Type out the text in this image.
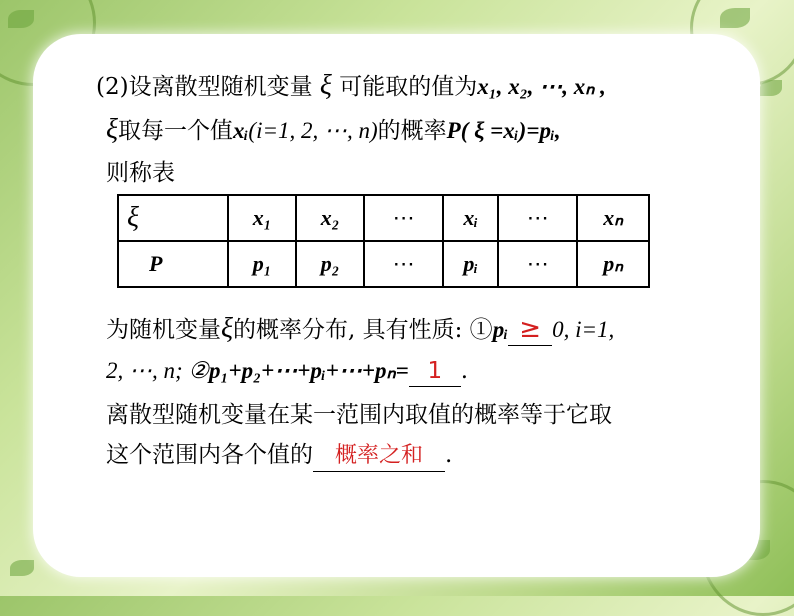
(2)设离散型随机变量 ξ 可能取的值为x₁, x₂, ⋯, xₙ ,
ξ取每一个值xᵢ(i=1, 2, ⋯, n)的概率P( ξ =xᵢ)=pᵢ,
则称表
ξ	x₁	x₂	⋯	xᵢ	⋯	xₙ
P	p₁	p₂	⋯	pᵢ	⋯	pₙ
为随机变量ξ的概率分布, 具有性质: ①pᵢ ≥ 0, i=1,
2, ⋯, n; ②p₁+p₂+⋯+pᵢ+⋯+pₙ= 1 .
离散型随机变量在某一范围内取值的概率等于它取
这个范围内各个值的 概率之和 .
